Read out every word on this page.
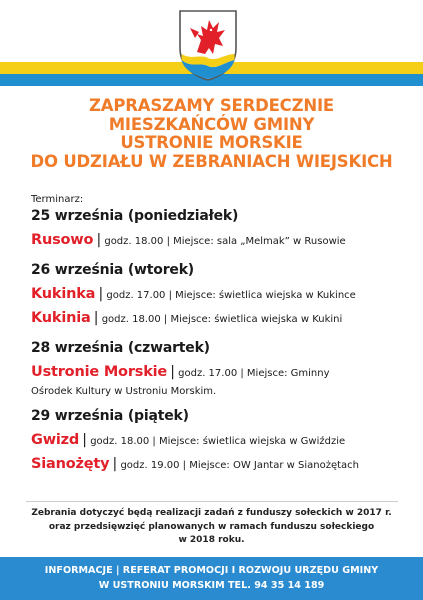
ZAPRASZAMY SERDECZNIE
MIESZKAŃCÓW GMINY
USTRONIE MORSKIE
DO UDZIAŁU W ZEBRANIACH WIEJSKICH

Terminarz:

25 września (poniedziałek)

Rusowo | godz. 18.00 | Miejsce: sala „Melmak” w Rusowie

26 września (wtorek)

Kukinka | godz. 17.00 | Miejsce: świetlica wiejska w Kukince

Kukinia | godz. 18.00 | Miejsce: świetlica wiejska w Kukini

28 września (czwartek)

Ustronie Morskie | godz. 17.00 | Miejsce: Gminny

Ośrodek Kultury w Ustroniu Morskim.

29 września (piątek)

Gwizd | godz. 18.00 | Miejsce: świetlica wiejska w Gwiździe

Sianożęty | godz. 19.00 | Miejsce: OW Jantar w Sianożętach

Zebrania dotyczyć będą realizacji zadań z funduszy sołeckich w 2017 r.
oraz przedsięwzięć planowanych w ramach funduszu sołeckiego
w 2018 roku.
INFORMACJE | REFERAT PROMOCJI I ROZWOJU URZĘDU GMINY
W USTRONIU MORSKIM TEL. 94 35 14 189
